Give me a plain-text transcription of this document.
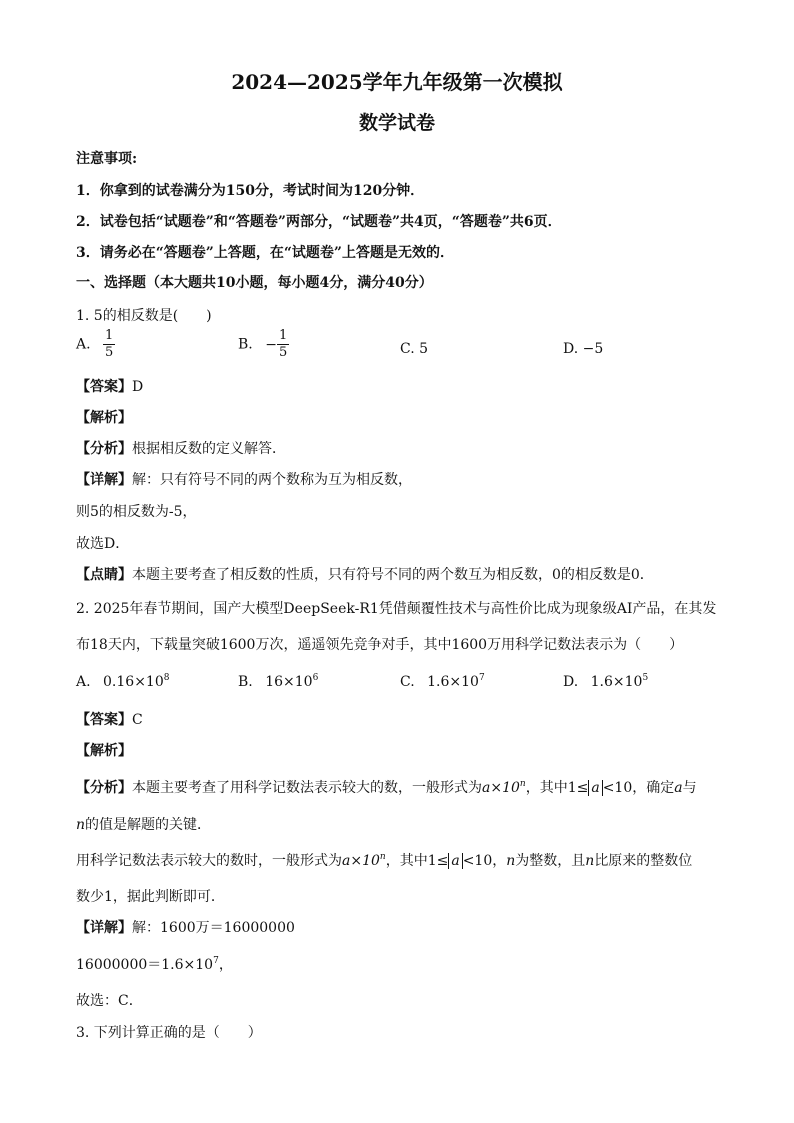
2024—2025学年九年级第一次模拟
数学试卷
注意事项:
1．你拿到的试卷满分为150分，考试时间为120分钟．
2．试卷包括“试题卷”和“答题卷”两部分，“试题卷”共4页，“答题卷”共6页．
3．请务必在“答题卷”上答题，在“试题卷”上答题是无效的．
一、选择题（本大题共10小题，每小题4分，满分40分）
1. 5的相反数是(　　)
A. $\frac{1}{5}$	B. − $\frac{1}{5}$	C. 5	D. −5
【答案】D
【解析】
【分析】根据相反数的定义解答．
【详解】解：只有符号不同的两个数称为互为相反数，
则5的相反数为-5，
故选D．
【点睛】本题主要考查了相反数的性质，只有符号不同的两个数互为相反数，0的相反数是0．
2. 2025年春节期间，国产大模型DeepSeek-R1凭借颠覆性技术与高性价比成为现象级AI产品，在其发
布18天内，下载量突破1600万次，遥遥领先竞争对手，其中1600万用科学记数法表示为（　　）
A. $0.16\times 10^8$	B. $16\times 10^6$	C. $1.6\times 10^7$	D. $1.6\times 10^5$
【答案】C
【解析】
【分析】本题主要考查了用科学记数法表示较大的数，一般形式为$a\times 10^n$，其中1≤ a <10，确定a与
n的值是解题的关键．
用科学记数法表示较大的数时，一般形式为$a\times 10^n$，其中1≤ a <10，n为整数，且n比原来的整数位
数少1，据此判断即可．
【详解】解：1600万＝16000000
$16000000=1.6\times 10^7$，
故选：C．
3. 下列计算正确的是（　　）
